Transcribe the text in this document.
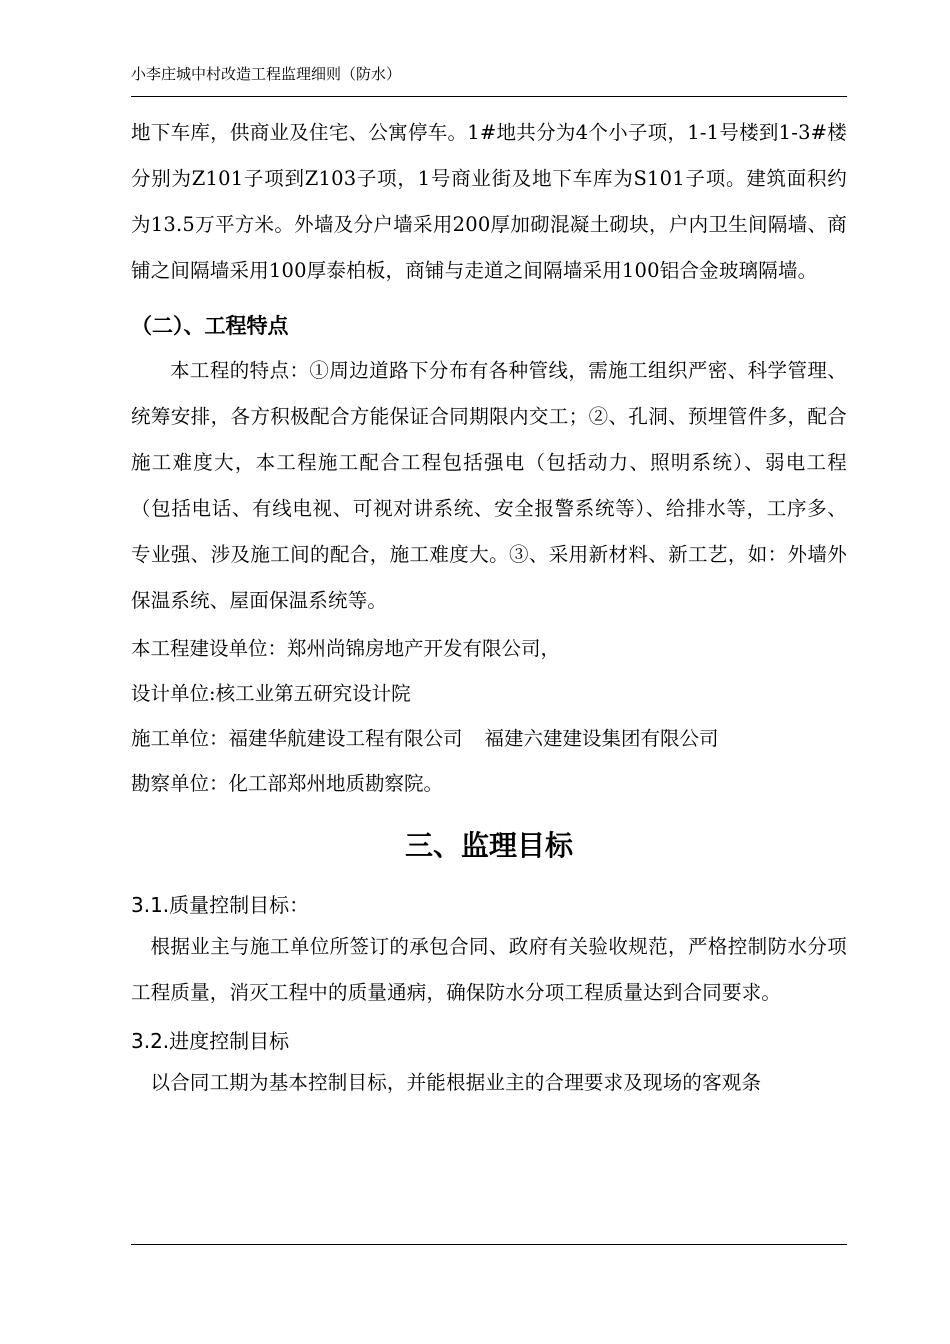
小李庄城中村改造工程监理细则（防水）

地下车库，供商业及住宅、公寓停车。1#地共分为4个小子项，1-1号楼到1-3#楼分别为Z101子项到Z103子项，1号商业街及地下车库为S101子项。建筑面积约为13.5万平方米。外墙及分户墙采用200厚加砌混凝土砌块，户内卫生间隔墙、商铺之间隔墙采用100厚泰柏板，商铺与走道之间隔墙采用100铝合金玻璃隔墙。

（二）、工程特点

本工程的特点：①周边道路下分布有各种管线，需施工组织严密、科学管理、统筹安排，各方积极配合方能保证合同期限内交工；②、孔洞、预埋管件多，配合施工难度大，本工程施工配合工程包括强电（包括动力、照明系统）、弱电工程（包括电话、有线电视、可视对讲系统、安全报警系统等）、给排水等，工序多、专业强、涉及施工间的配合，施工难度大。③、采用新材料、新工艺，如：外墙外保温系统、屋面保温系统等。

本工程建设单位：郑州尚锦房地产开发有限公司，

设计单位:核工业第五研究设计院

施工单位：福建华航建设工程有限公司 福建六建建设集团有限公司

勘察单位：化工部郑州地质勘察院。

三、监理目标
3.1.质量控制目标：

根据业主与施工单位所签订的承包合同、政府有关验收规范，严格控制防水分项工程质量，消灭工程中的质量通病，确保防水分项工程质量达到合同要求。

3.2.进度控制目标

以合同工期为基本控制目标，并能根据业主的合理要求及现场的客观条
